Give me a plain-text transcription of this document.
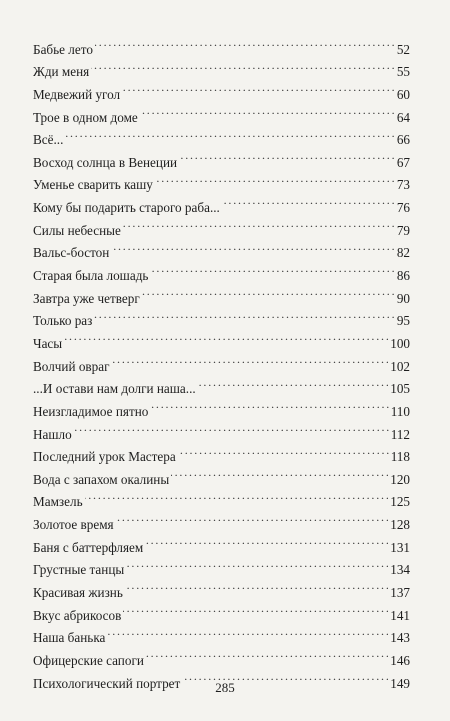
Бабье лето . . .	52
Жди меня . . .	55
Медвежий угол . . .	60
Трое в одном доме . . .	64
Всё... . . .	66
Восход солнца в Венеции . . .	67
Уменье сварить кашу . . .	73
Кому бы подарить старого раба... . . .	76
Силы небесные . . .	79
Вальс-бостон . . .	82
Старая была лошадь . . .	86
Завтра уже четверг . . .	90
Только раз . . .	95
Часы . . .	100
Волчий овраг . . .	102
...И остави нам долги наша... . . .	105
Неизгладимое пятно . . .	110
Нашло . . .	112
Последний урок Мастера . . .	118
Вода с запахом окалины . . .	120
Мамзель . . .	125
Золотое время . . .	128
Баня с баттерфляем . . .	131
Грустные танцы . . .	134
Красивая жизнь . . .	137
Вкус абрикосов . . .	141
Наша банька . . .	143
Офицерские сапоги . . .	146
Психологический портрет . . .	149
285
